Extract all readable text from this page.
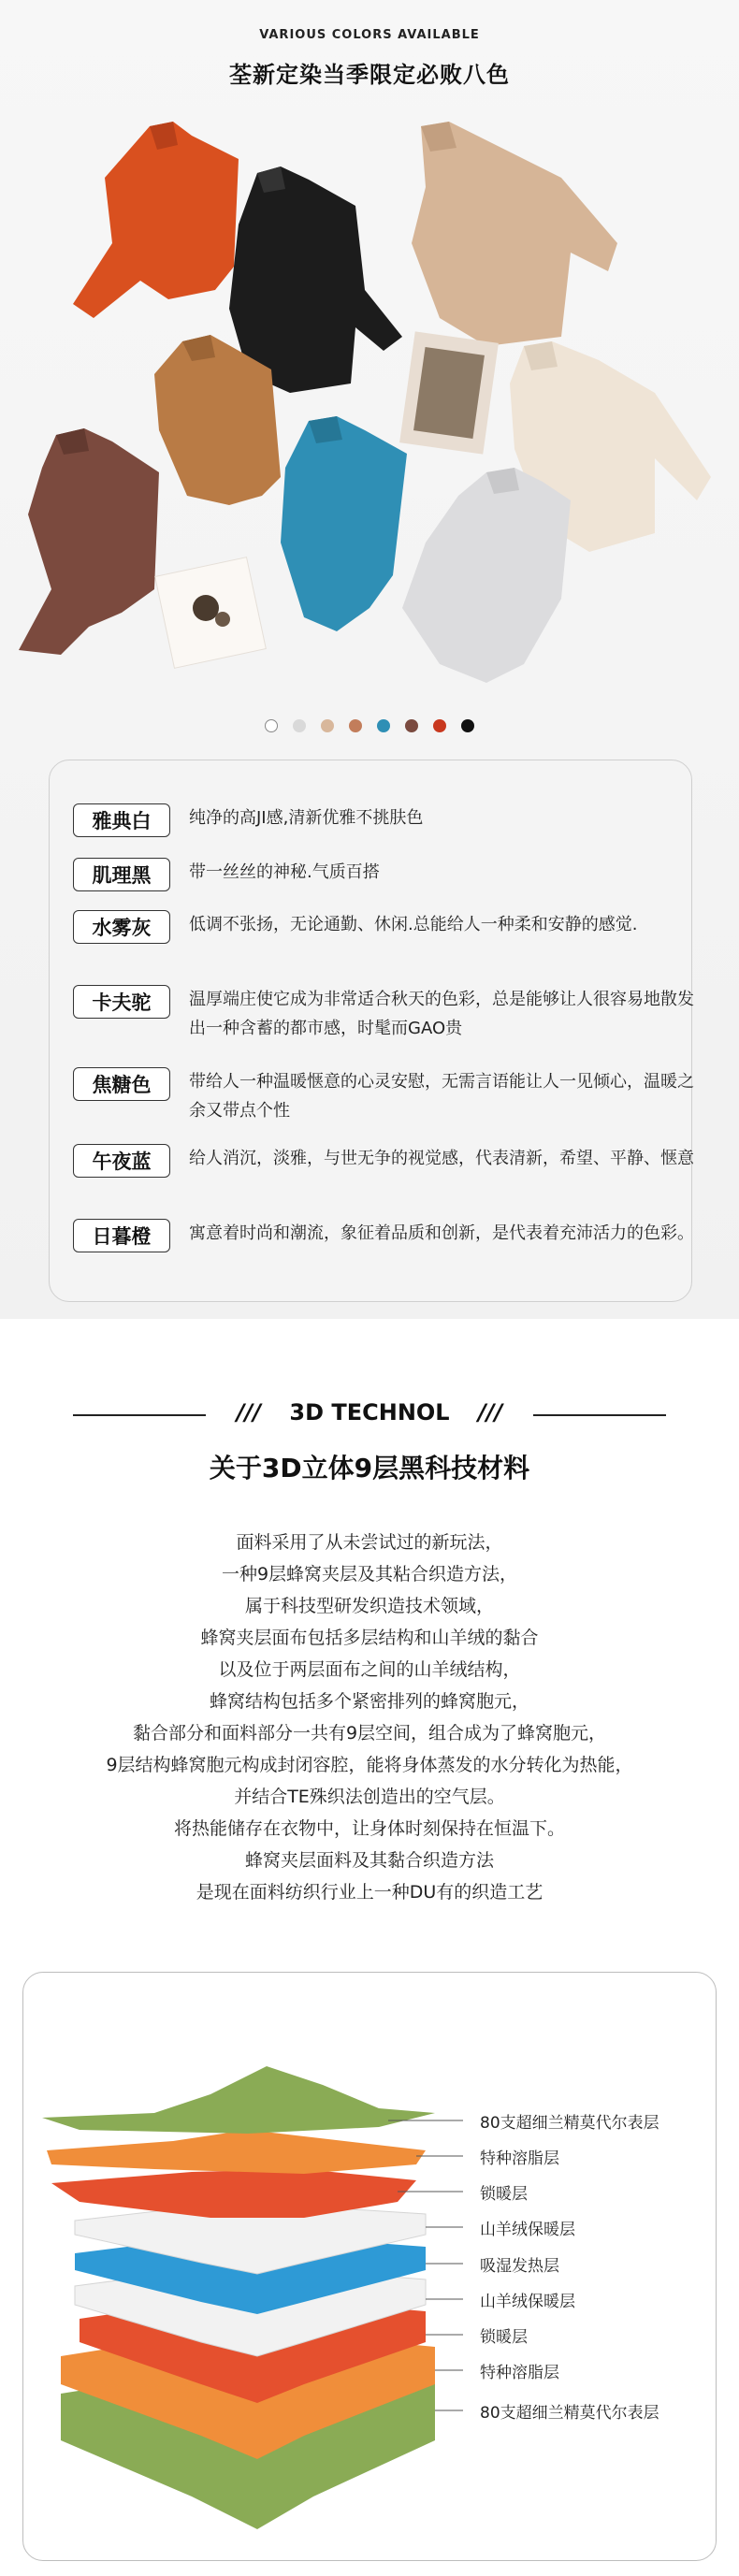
VARIOUS COLORS AVAILABLE
荃新定染当季限定必败八色
雅典白	纯净的高JI感,清新优雅不挑肤色
肌理黑	带一丝丝的神秘.气质百搭
水雾灰	低调不张扬，无论通勤、休闲.总能给人一种柔和安静的感觉.
卡夫驼	温厚端庄使它成为非常适合秋天的色彩，总是能够让人很容易地散发出一种含蓄的都市感，时髦而GAO贵
焦糖色	带给人一种温暖惬意的心灵安慰，无需言语能让人一见倾心，温暖之余又带点个性
午夜蓝	给人消沉，淡雅，与世无争的视觉感，代表清新，希望、平静、惬意
日暮橙	寓意着时尚和潮流，象征着品质和创新，是代表着充沛活力的色彩。
/// 3D TECHNOL ///
关于3D立体9层黑科技材料
面料采用了从未尝试过的新玩法，
一种9层蜂窝夹层及其粘合织造方法，
属于科技型研发织造技术领域，
蜂窝夹层面布包括多层结构和山羊绒的黏合
以及位于两层面布之间的山羊绒结构，
蜂窝结构包括多个紧密排列的蜂窝胞元，
黏合部分和面料部分一共有9层空间，组合成为了蜂窝胞元，
9层结构蜂窝胞元构成封闭容腔，能将身体蒸发的水分转化为热能，
并结合TE殊织法创造出的空气层。
将热能储存在衣物中，让身体时刻保持在恒温下。
蜂窝夹层面料及其黏合织造方法
是现在面料纺织行业上一种DU有的织造工艺
80支超细兰精莫代尔表层
特种溶脂层
锁暖层
山羊绒保暖层
吸湿发热层
山羊绒保暖层
锁暖层
特种溶脂层
80支超细兰精莫代尔表层
